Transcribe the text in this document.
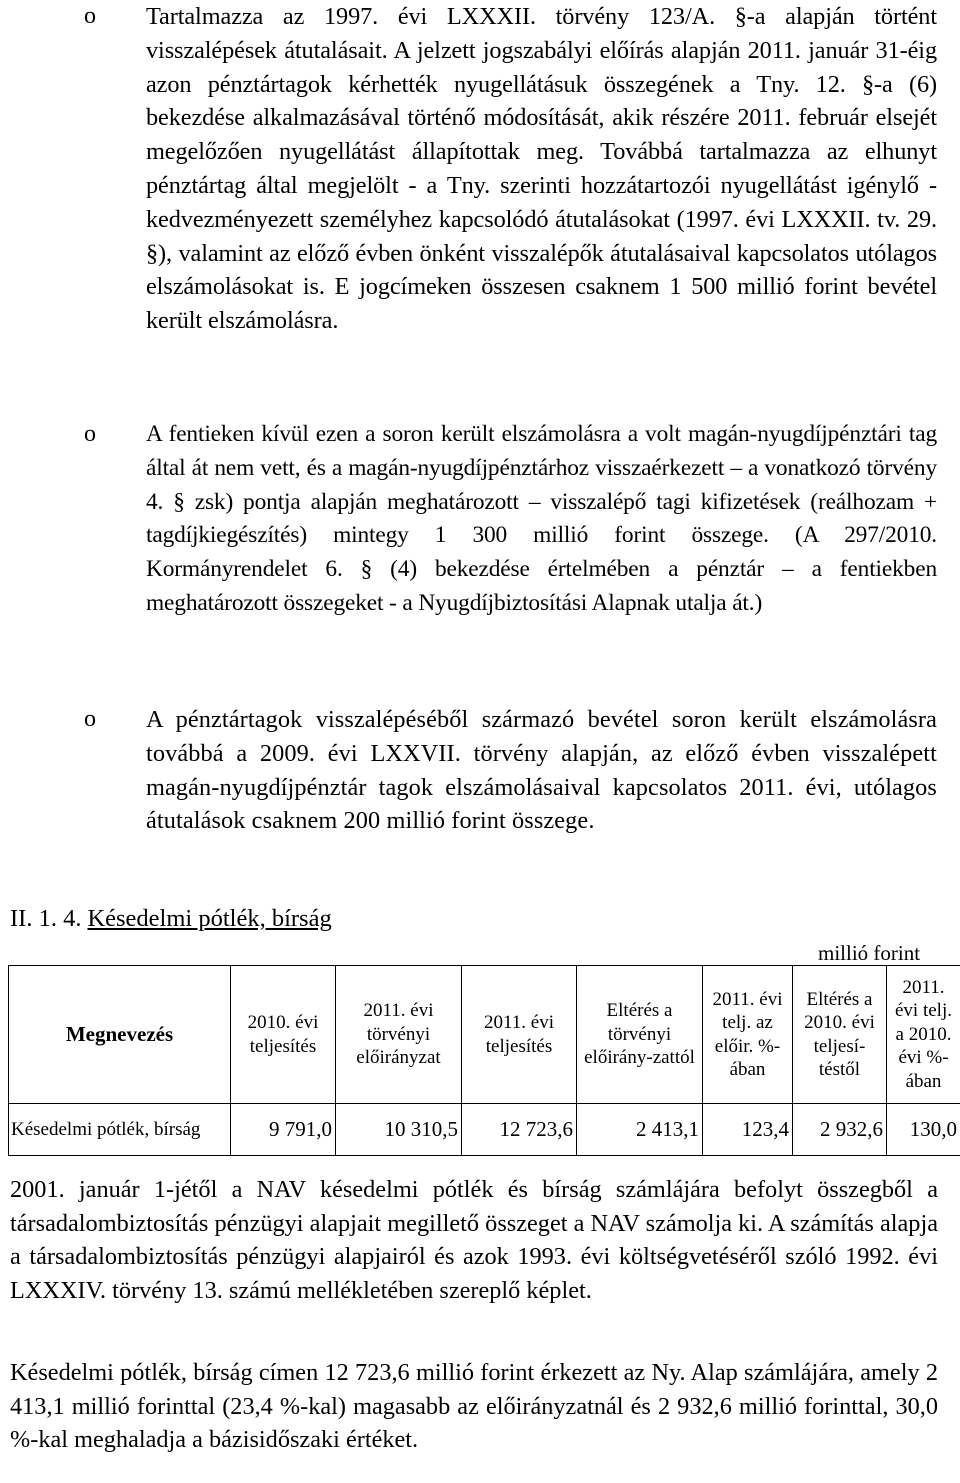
o Tartalmazza az 1997. évi LXXXII. törvény 123/A. §-a alapján történt visszalépések átutalásait. A jelzett jogszabályi előírás alapján 2011. január 31-éig azon pénztártagok kérhették nyugellátásuk összegének a Tny. 12. §-a (6) bekezdése alkalmazásával történő módosítását, akik részére 2011. február elsejét megelőzően nyugellátást állapítottak meg. Továbbá tartalmazza az elhunyt pénztártag által megjelölt - a Tny. szerinti hozzátartozói nyugellátást igénylő - kedvezményezett személyhez kapcsolódó átutalásokat (1997. évi LXXXII. tv. 29. §), valamint az előző évben önként visszalépők átutalásaival kapcsolatos utólagos elszámolásokat is. E jogcímeken összesen csaknem 1 500 millió forint bevétel került elszámolásra.
o A fentieken kívül ezen a soron került elszámolásra a volt magán-nyugdíjpénztári tag által át nem vett, és a magán-nyugdíjpénztárhoz visszaérkezett – a vonatkozó törvény 4. § zsk) pontja alapján meghatározott – visszalépő tagi kifizetések (reálhozam + tagdíjkiegészítés) mintegy 1 300 millió forint összege. (A 297/2010. Kormányrendelet 6. § (4) bekezdése értelmében a pénztár – a fentiekben meghatározott összegeket - a Nyugdíjbiztosítási Alapnak utalja át.)
o A pénztártagok visszalépéséből származó bevétel soron került elszámolásra továbbá a 2009. évi LXXVII. törvény alapján, az előző évben visszalépett magán-nyugdíjpénztár tagok elszámolásaival kapcsolatos 2011. évi, utólagos átutalások csaknem 200 millió forint összege.
II. 1. 4. Késedelmi pótlék, bírság
millió forint
Megnevezés	2010. évi teljesítés	2011. évi törvényi előirányzat	2011. évi teljesítés	Eltérés a törvényi előirány-zattól	2011. évi telj. az előir. %-ában	Eltérés a 2010. évi teljesí-téstől	2011. évi telj. a 2010. évi %-ában
Késedelmi pótlék, bírság	9 791,0	10 310,5	12 723,6	2 413,1	123,4	2 932,6	130,0
2001. január 1-jétől a NAV késedelmi pótlék és bírság számlájára befolyt összegből a társadalombiztosítás pénzügyi alapjait megillető összeget a NAV számolja ki. A számítás alapja a társadalombiztosítás pénzügyi alapjairól és azok 1993. évi költségvetéséről szóló 1992. évi LXXXIV. törvény 13. számú mellékletében szereplő képlet.
Késedelmi pótlék, bírság címen 12 723,6 millió forint érkezett az Ny. Alap számlájára, amely 2 413,1 millió forinttal (23,4 %-kal) magasabb az előirányzatnál és 2 932,6 millió forinttal, 30,0 %-kal meghaladja a bázisidőszaki értéket.
